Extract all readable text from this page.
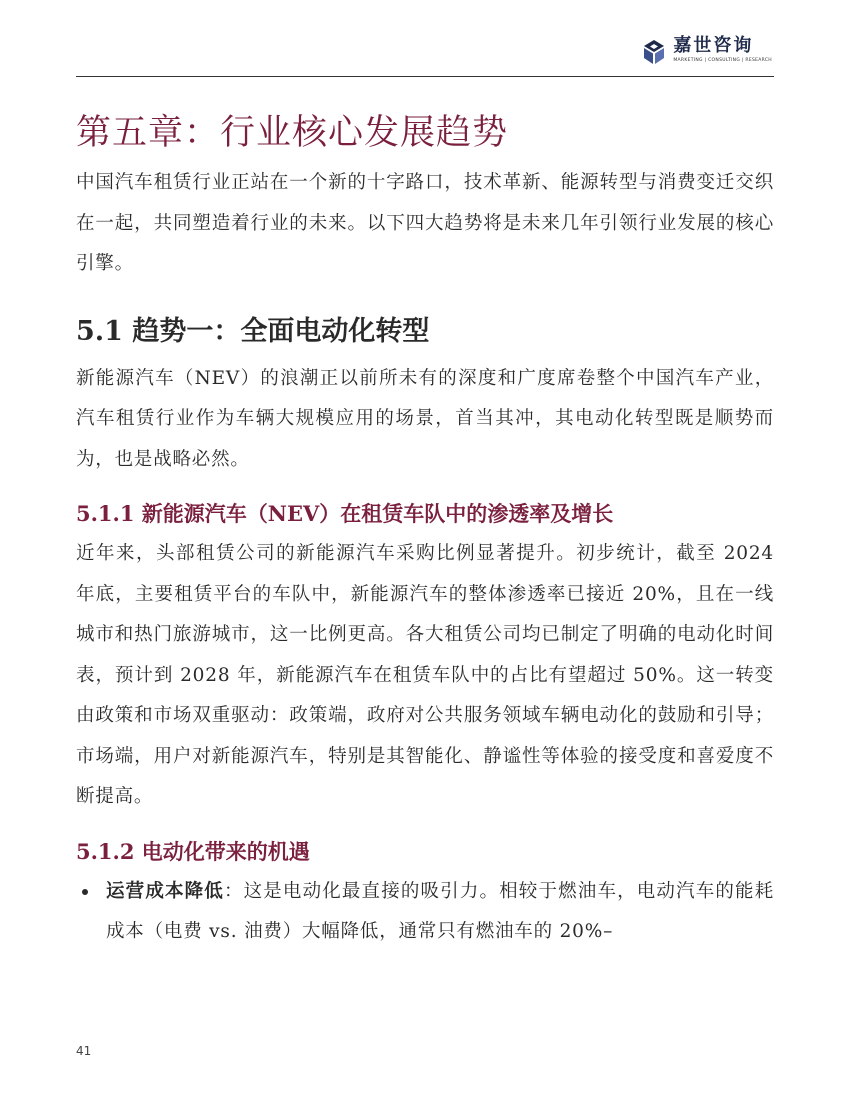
嘉世咨询
MARKETING | CONSULTING | RESEARCH
第五章：行业核心发展趋势

中国汽车租赁行业正站在一个新的十字路口，技术革新、能源转型与消费变迁交织在一起，共同塑造着行业的未来。以下四大趋势将是未来几年引领行业发展的核心引擎。

5.1 趋势一：全面电动化转型

新能源汽车（NEV）的浪潮正以前所未有的深度和广度席卷整个中国汽车产业，汽车租赁行业作为车辆大规模应用的场景，首当其冲，其电动化转型既是顺势而为，也是战略必然。

5.1.1 新能源汽车（NEV）在租赁车队中的渗透率及增长

近年来，头部租赁公司的新能源汽车采购比例显著提升。初步统计，截至 2024 年底，主要租赁平台的车队中，新能源汽车的整体渗透率已接近 20%，且在一线城市和热门旅游城市，这一比例更高。各大租赁公司均已制定了明确的电动化时间表，预计到 2028 年，新能源汽车在租赁车队中的占比有望超过 50%。这一转变由政策和市场双重驱动：政策端，政府对公共服务领域车辆电动化的鼓励和引导；市场端，用户对新能源汽车，特别是其智能化、静谧性等体验的接受度和喜爱度不断提高。

5.1.2 电动化带来的机遇

运营成本降低：这是电动化最直接的吸引力。相较于燃油车，电动汽车的能耗成本（电费 vs. 油费）大幅降低，通常只有燃油车的 20%–

41
